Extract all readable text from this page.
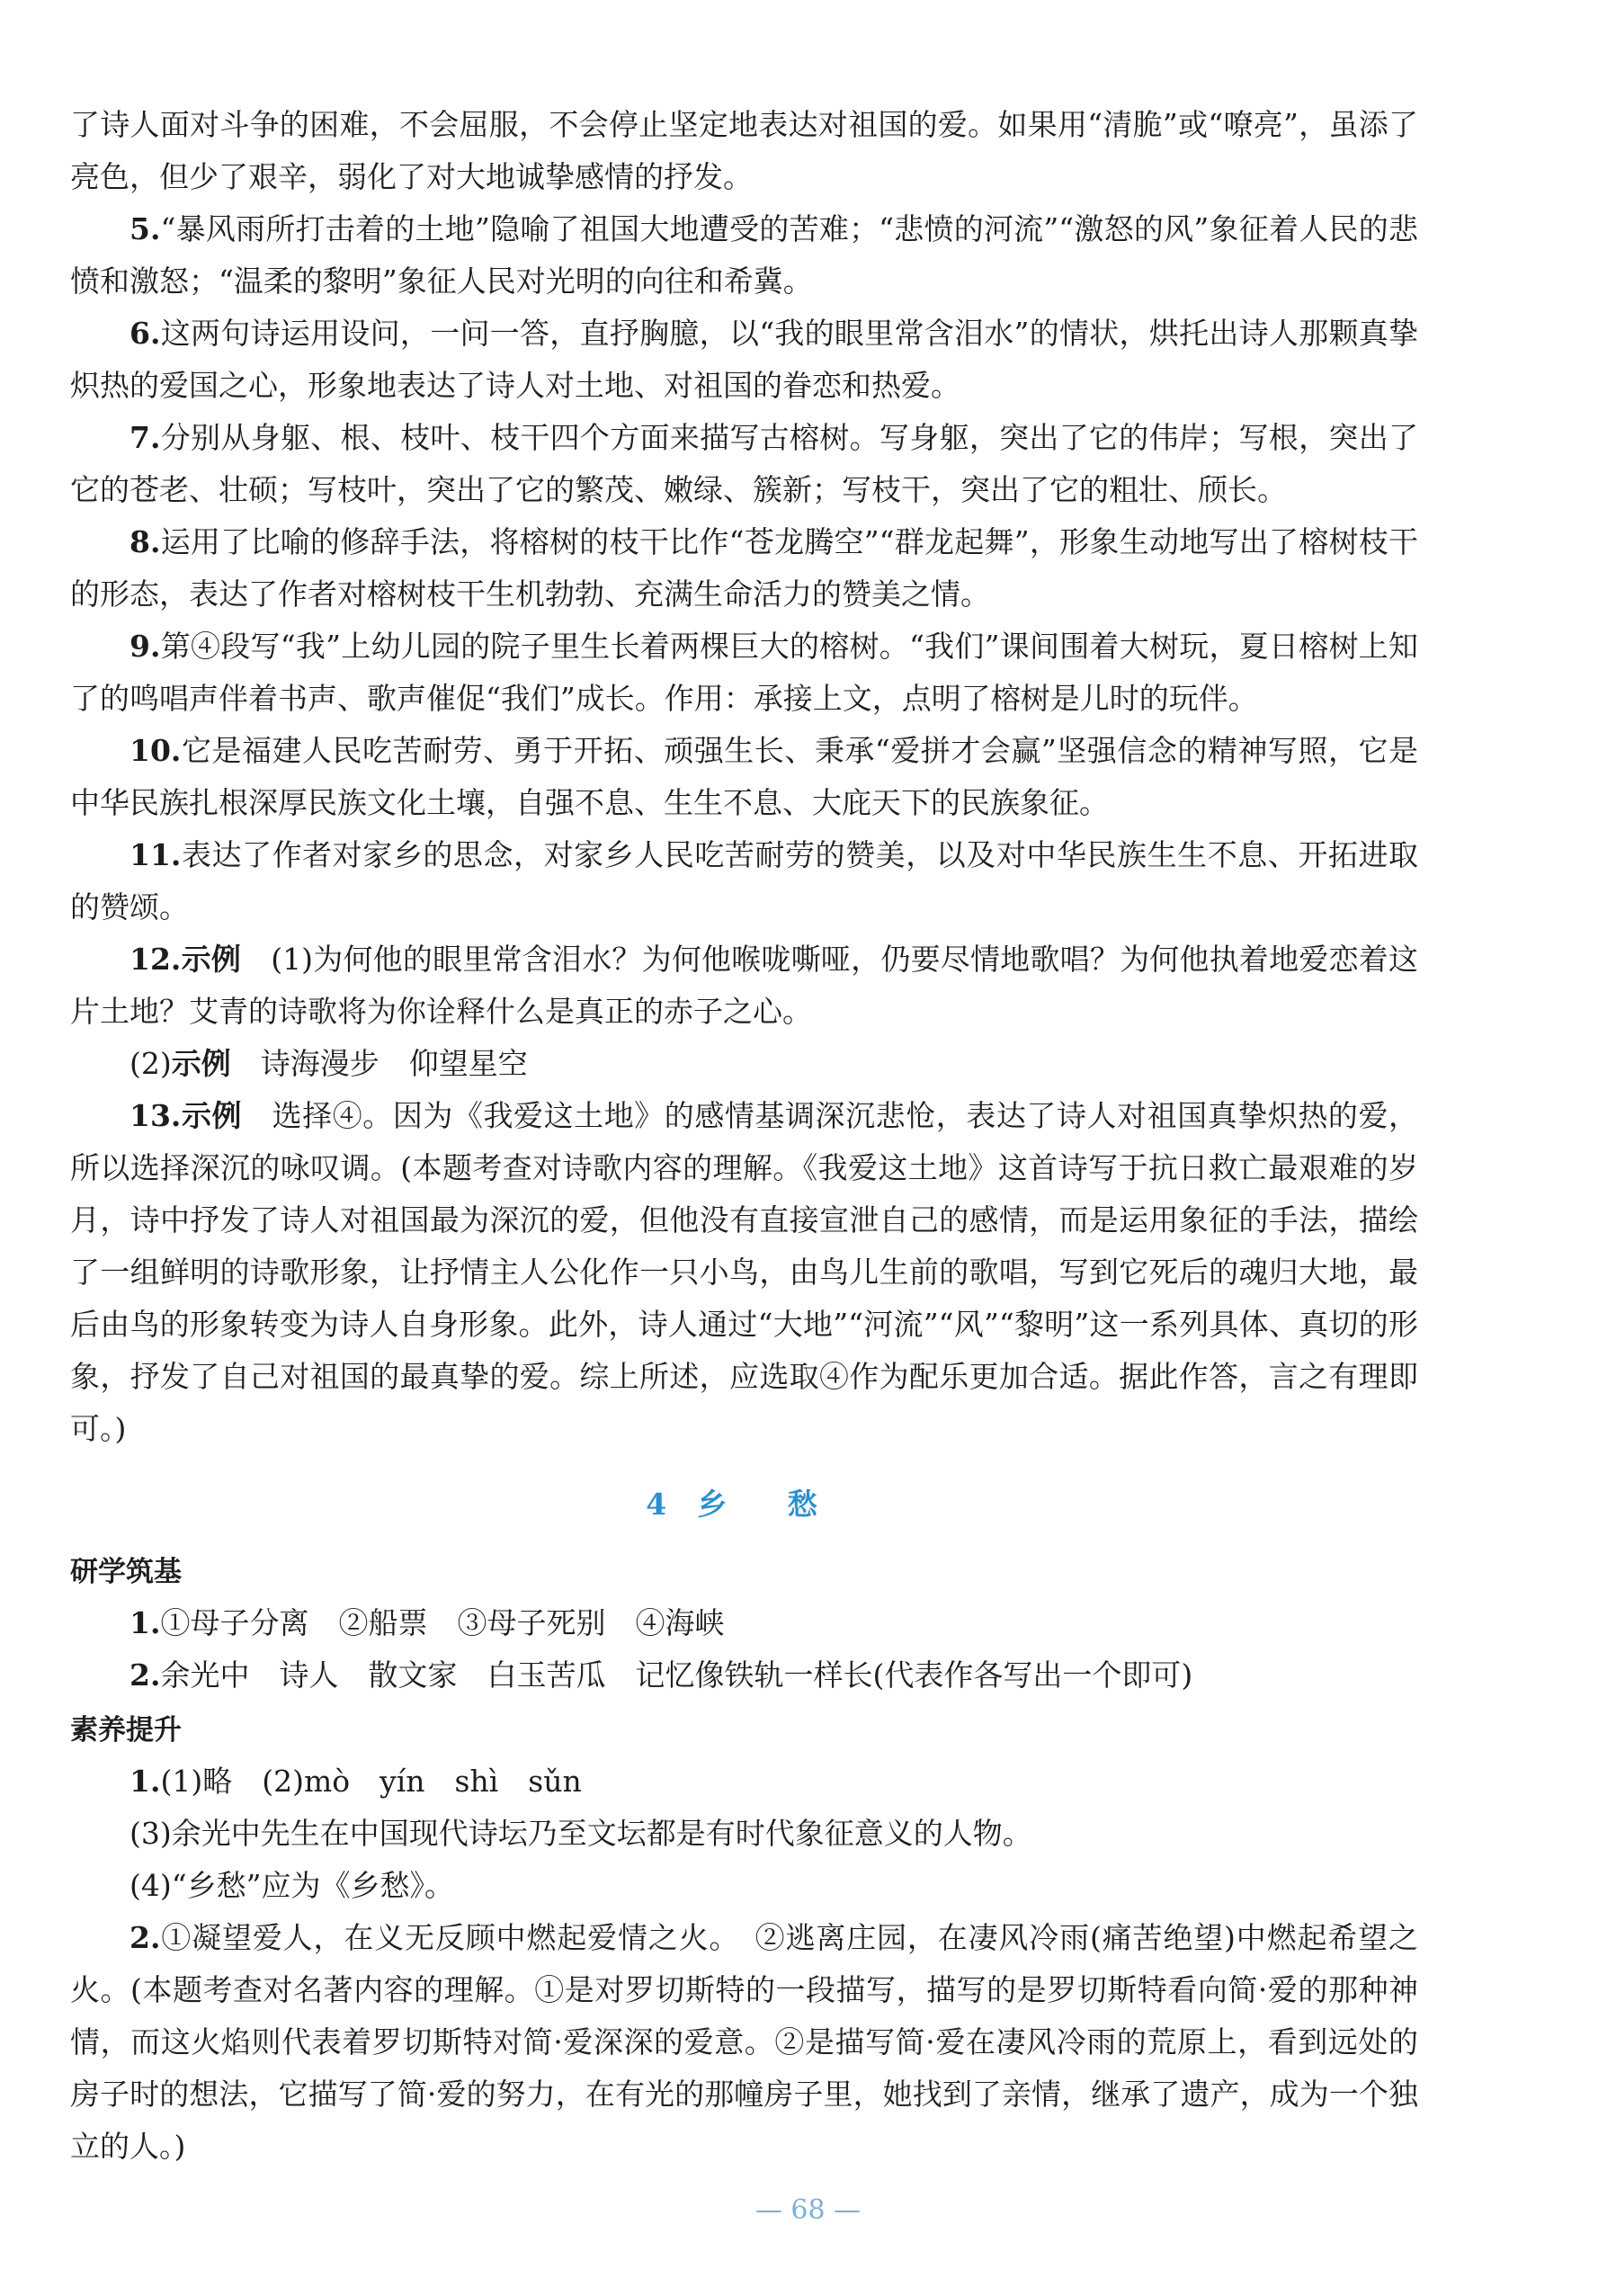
了诗人面对斗争的困难，不会屈服，不会停止坚定地表达对祖国的爱。如果用“清脆”或“嘹亮”，虽添了亮色，但少了艰辛，弱化了对大地诚挚感情的抒发。

5.“暴风雨所打击着的土地”隐喻了祖国大地遭受的苦难；“悲愤的河流”“激怒的风”象征着人民的悲愤和激怒；“温柔的黎明”象征人民对光明的向往和希冀。

6.这两句诗运用设问，一问一答，直抒胸臆，以“我的眼里常含泪水”的情状，烘托出诗人那颗真挚炽热的爱国之心，形象地表达了诗人对土地、对祖国的眷恋和热爱。

7.分别从身躯、根、枝叶、枝干四个方面来描写古榕树。写身躯，突出了它的伟岸；写根，突出了它的苍老、壮硕；写枝叶，突出了它的繁茂、嫩绿、簇新；写枝干，突出了它的粗壮、颀长。

8.运用了比喻的修辞手法，将榕树的枝干比作“苍龙腾空”“群龙起舞”，形象生动地写出了榕树枝干的形态，表达了作者对榕树枝干生机勃勃、充满生命活力的赞美之情。

9.第④段写“我”上幼儿园的院子里生长着两棵巨大的榕树。“我们”课间围着大树玩，夏日榕树上知了的鸣唱声伴着书声、歌声催促“我们”成长。作用：承接上文，点明了榕树是儿时的玩伴。

10.它是福建人民吃苦耐劳、勇于开拓、顽强生长、秉承“爱拼才会赢”坚强信念的精神写照，它是中华民族扎根深厚民族文化土壤，自强不息、生生不息、大庇天下的民族象征。

11.表达了作者对家乡的思念，对家乡人民吃苦耐劳的赞美，以及对中华民族生生不息、开拓进取的赞颂。

12.示例　 (1)为何他的眼里常含泪水？为何他喉咙嘶哑，仍要尽情地歌唱？为何他执着地爱恋着这片土地？艾青的诗歌将为你诠释什么是真正的赤子之心。

(2)示例　 诗海漫步　仰望星空

13.示例　 选择④。因为《我爱这土地》的感情基调深沉悲怆，表达了诗人对祖国真挚炽热的爱，所以选择深沉的咏叹调。(本题考查对诗歌内容的理解。《我爱这土地》这首诗写于抗日救亡最艰难的岁月，诗中抒发了诗人对祖国最为深沉的爱，但他没有直接宣泄自己的感情，而是运用象征的手法，描绘了一组鲜明的诗歌形象，让抒情主人公化作一只小鸟，由鸟儿生前的歌唱，写到它死后的魂归大地，最后由鸟的形象转变为诗人自身形象。此外，诗人通过“大地”“河流”“风”“黎明”这一系列具体、真切的形象，抒发了自己对祖国的最真挚的爱。综上所述，应选取④作为配乐更加合适。据此作答，言之有理即可。)

4乡 愁
研学筑基

1.①母子分离　②船票　③母子死别　④海峡

2.余光中　诗人　散文家　白玉苦瓜　记忆像铁轨一样长(代表作各写出一个即可)

素养提升

1.(1)略　(2)mò　yín　shì　sǔn

(3)余光中先生在中国现代诗坛乃至文坛都是有时代象征意义的人物。

(4)“乡愁”应为《乡愁》。

2.①凝望爱人，在义无反顾中燃起爱情之火。　②逃离庄园，在凄风冷雨(痛苦绝望)中燃起希望之火。(本题考查对名著内容的理解。①是对罗切斯特的一段描写，描写的是罗切斯特看向简·爱的那种神情，而这火焰则代表着罗切斯特对简·爱深深的爱意。②是描写简·爱在凄风冷雨的荒原上，看到远处的房子时的想法，它描写了简·爱的努力，在有光的那幢房子里，她找到了亲情，继承了遗产，成为一个独立的人。)

— 68 —
